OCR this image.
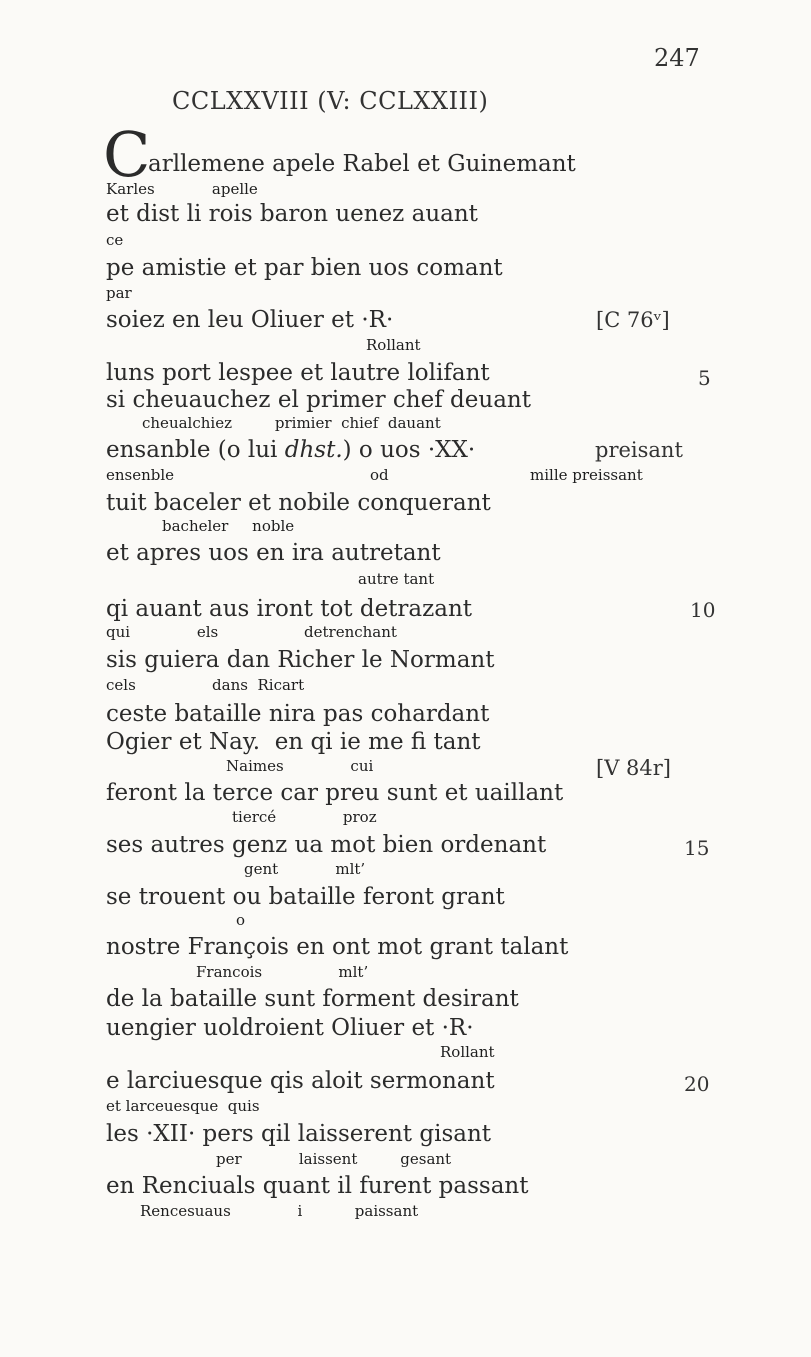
247
CCLXXVIII (V: CCLXXIII)
C
arllemene apele Rabel et Guinemant
Karles            apelle
et dist li rois baron uenez auant
ce
pe amistie et par bien uos comant
par
soiez en leu Oliuer et ·R·	[C 76ᵛ]
Rollant
luns port lespee et lautre lolifant	5
si cheuauchez el primer chef deuant
cheualchiez         primier  chief  dauant
ensanble (o lui dhst.) o uos ·XX·	preisant
ensenble	od	mille preissant
tuit baceler et nobile conquerant
bacheler     noble
et apres uos en ira autretant
autre tant
qi auant aus iront tot detrazant	10
qui              els                  detrenchant
sis guiera dan Richer le Normant
cels                dans  Ricart
ceste bataille nira pas cohardant
Ogier et Nay.  en qi ie me fi tant
[V 84r]
Naimes              cui
feront la terce car preu sunt et uaillant
tiercé              proz
ses autres genz ua mot bien ordenant	15
gent            mlt’
se trouent ou bataille feront grant
o
nostre François en ont mot grant talant
Francois                mlt’
de la bataille sunt forment desirant
uengier uoldroient Oliuer et ·R·
Rollant
e larciuesque qis aloit sermonant	20
et larceuesque  quis
les ·XII· pers qil laisserent gisant
per            laissent         gesant
en Renciuals quant il furent passant
Rencesuaus              i           paissant
